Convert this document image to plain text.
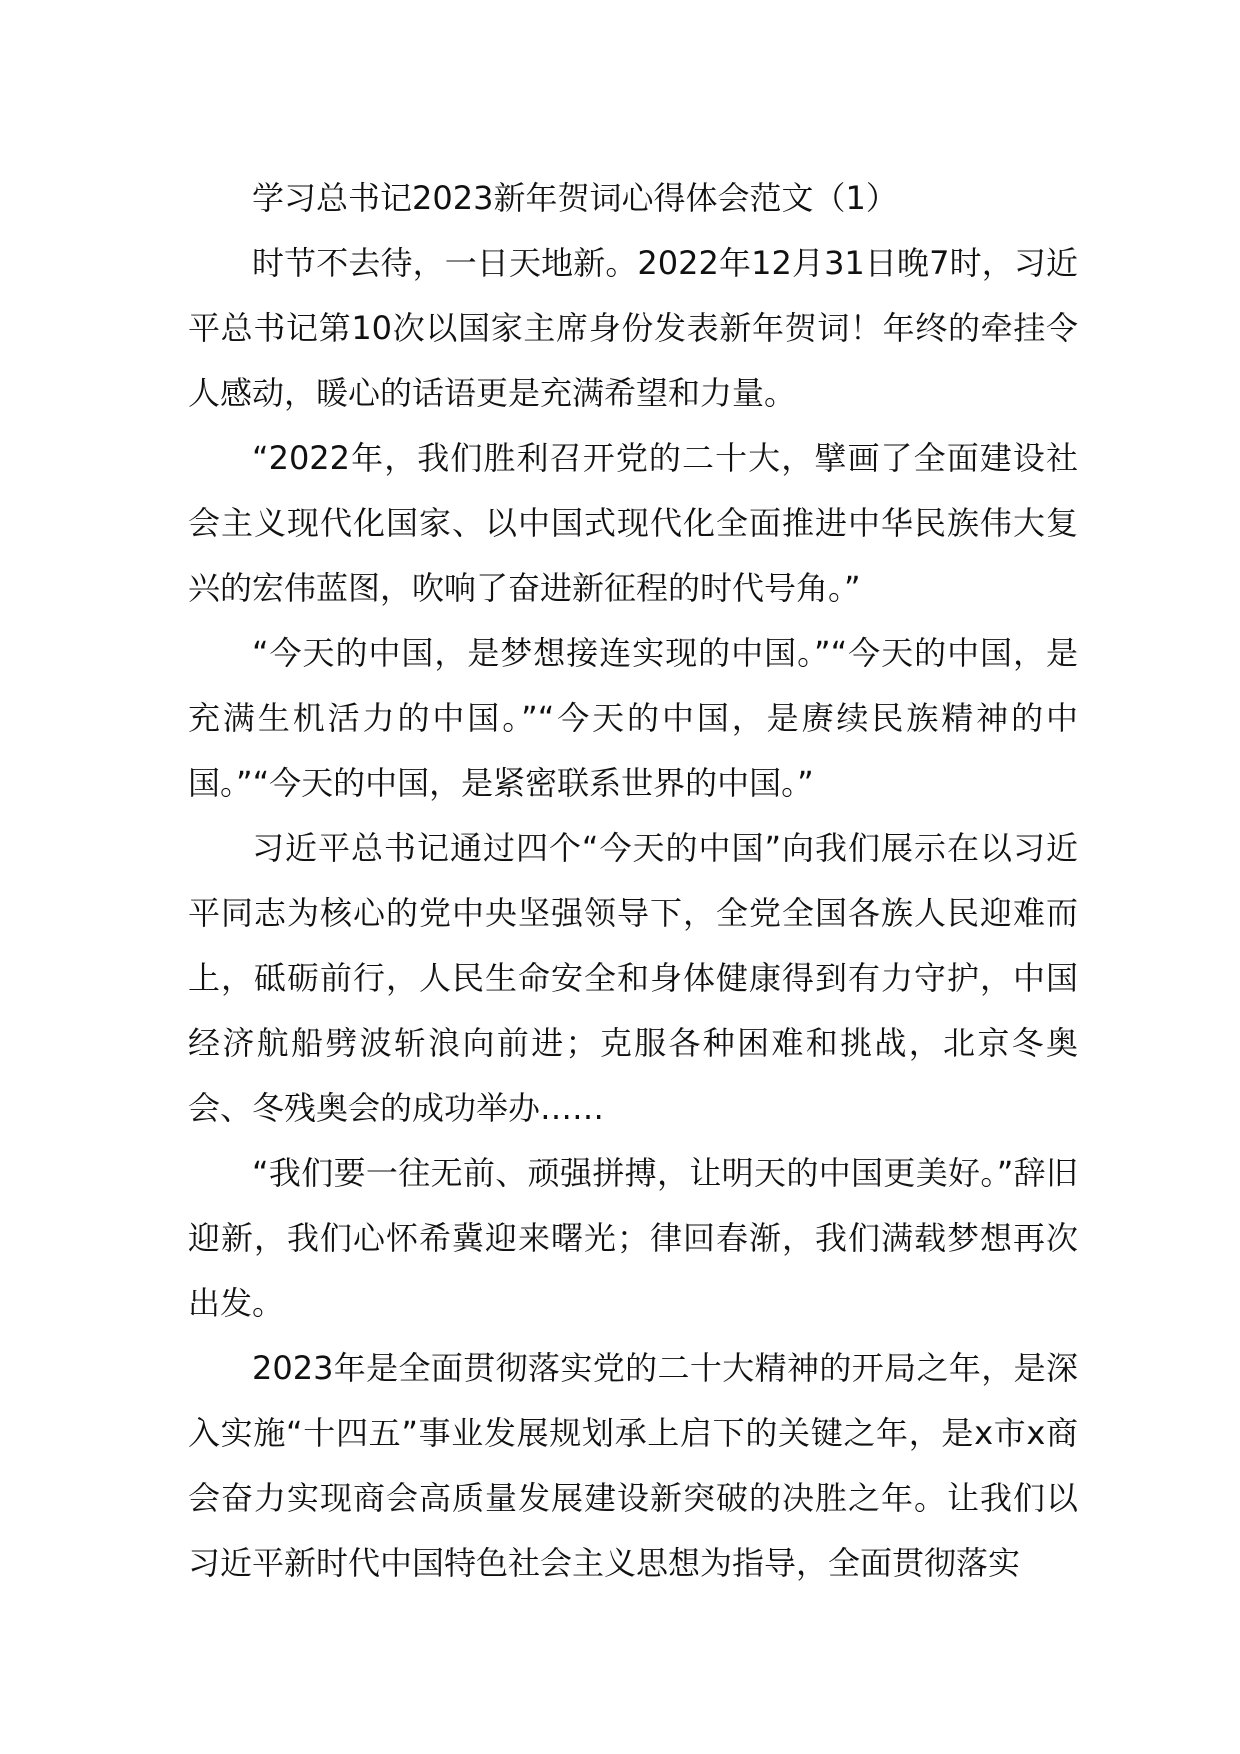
学习总书记2023新年贺词心得体会范文（1）

时节不去待，一日天地新。2022年12月31日晚7时，习近平总书记第10次以国家主席身份发表新年贺词！年终的牵挂令人感动，暖心的话语更是充满希望和力量。

“2022年，我们胜利召开党的二十大，擘画了全面建设社会主义现代化国家、以中国式现代化全面推进中华民族伟大复兴的宏伟蓝图，吹响了奋进新征程的时代号角。”

“今天的中国，是梦想接连实现的中国。”“今天的中国，是充满生机活力的中国。”“今天的中国，是赓续民族精神的中国。”“今天的中国，是紧密联系世界的中国。”

习近平总书记通过四个“今天的中国”向我们展示在以习近平同志为核心的党中央坚强领导下，全党全国各族人民迎难而上，砥砺前行，人民生命安全和身体健康得到有力守护，中国经济航船劈波斩浪向前进；克服各种困难和挑战，北京冬奥会、冬残奥会的成功举办……

“我们要一往无前、顽强拼搏，让明天的中国更美好。”辞旧迎新，我们心怀希冀迎来曙光；律回春渐，我们满载梦想再次出发。

2023年是全面贯彻落实党的二十大精神的开局之年，是深入实施“十四五”事业发展规划承上启下的关键之年，是x市x商会奋力实现商会高质量发展建设新突破的决胜之年。让我们以习近平新时代中国特色社会主义思想为指导，全面贯彻落实
